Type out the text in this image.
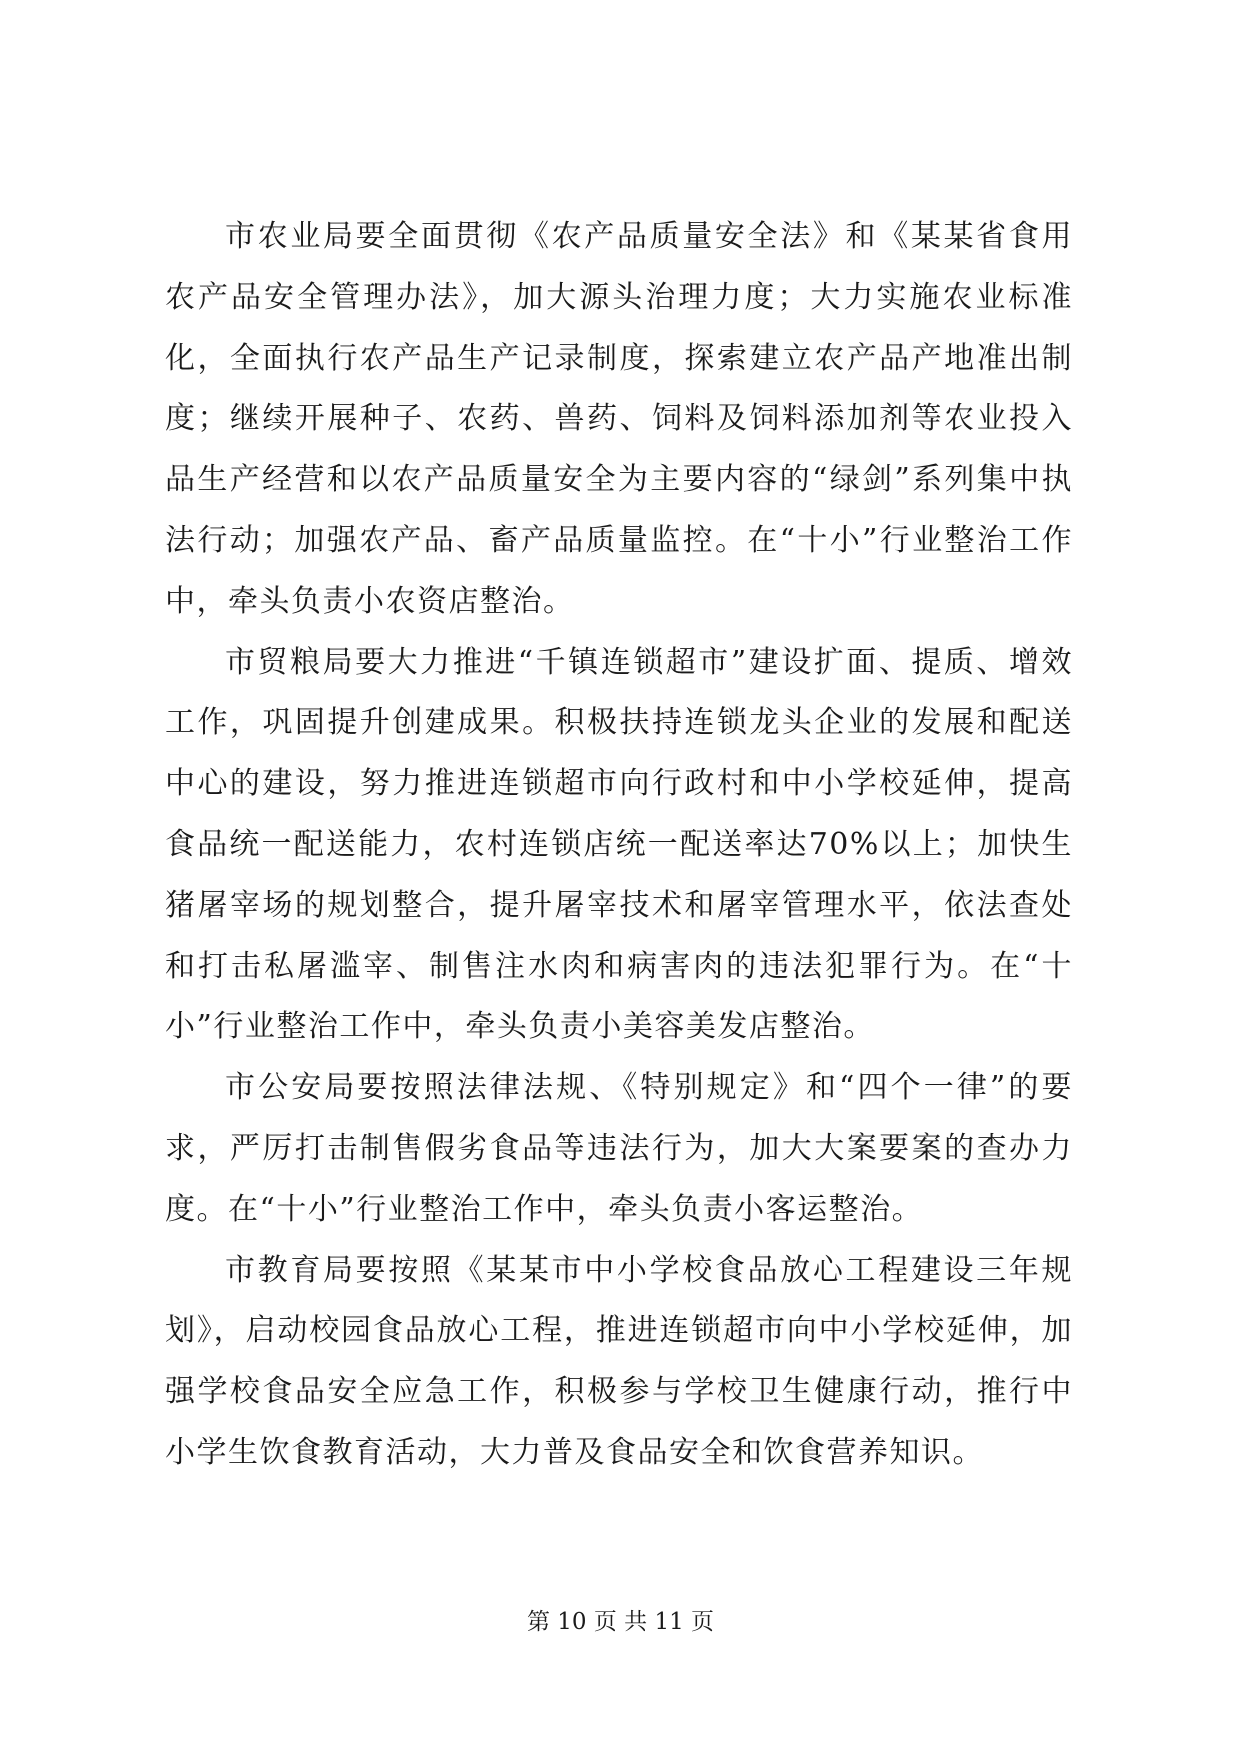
市农业局要全面贯彻《农产品质量安全法》和《某某省食用农产品安全管理办法》，加大源头治理力度；大力实施农业标准化，全面执行农产品生产记录制度，探索建立农产品产地准出制度；继续开展种子、农药、兽药、饲料及饲料添加剂等农业投入品生产经营和以农产品质量安全为主要内容的“绿剑”系列集中执法行动；加强农产品、畜产品质量监控。在“十小”行业整治工作中，牵头负责小农资店整治。

市贸粮局要大力推进“千镇连锁超市”建设扩面、提质、增效工作，巩固提升创建成果。积极扶持连锁龙头企业的发展和配送中心的建设，努力推进连锁超市向行政村和中小学校延伸，提高食品统一配送能力，农村连锁店统一配送率达70%以上；加快生猪屠宰场的规划整合，提升屠宰技术和屠宰管理水平，依法查处和打击私屠滥宰、制售注水肉和病害肉的违法犯罪行为。在“十小”行业整治工作中，牵头负责小美容美发店整治。

市公安局要按照法律法规、《特别规定》和“四个一律”的要求，严厉打击制售假劣食品等违法行为，加大大案要案的查办力度。在“十小”行业整治工作中，牵头负责小客运整治。

市教育局要按照《某某市中小学校食品放心工程建设三年规划》，启动校园食品放心工程，推进连锁超市向中小学校延伸，加强学校食品安全应急工作，积极参与学校卫生健康行动，推行中小学生饮食教育活动，大力普及食品安全和饮食营养知识。

第 10 页 共 11 页
